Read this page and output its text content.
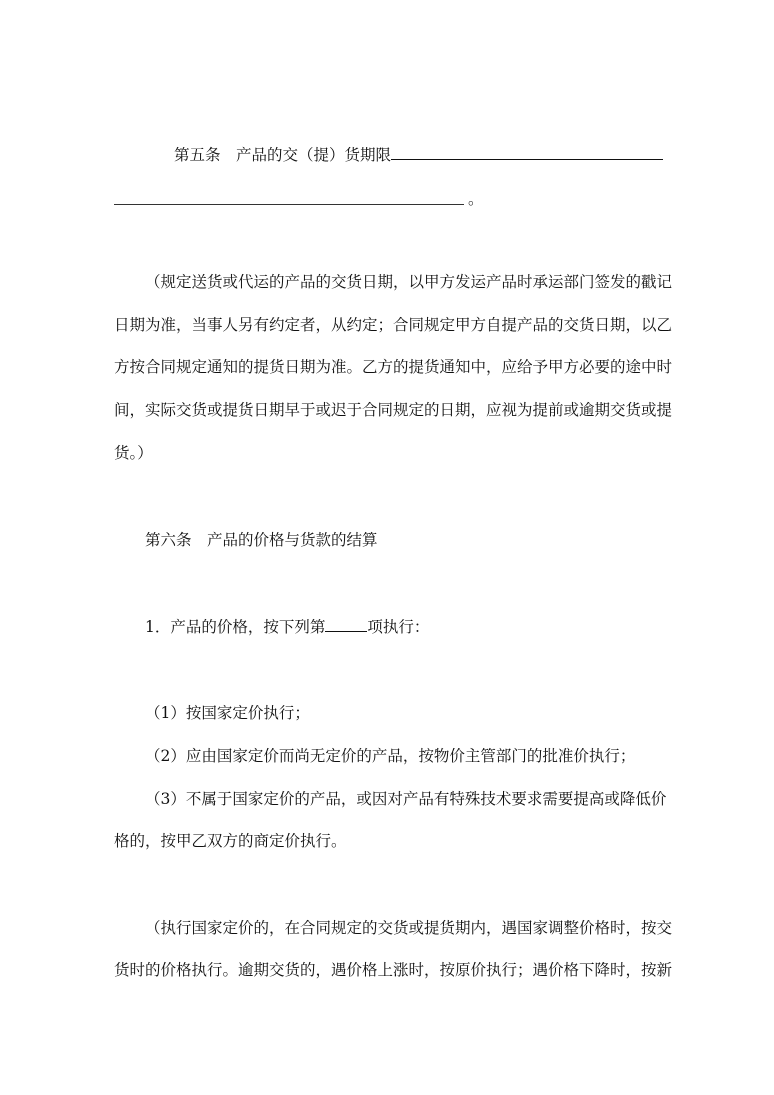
第五条　产品的交（提）货期限
。
（规定送货或代运的产品的交货日期，以甲方发运产品时承运部门签发的戳记
日期为准，当事人另有约定者，从约定；合同规定甲方自提产品的交货日期，以乙
方按合同规定通知的提货日期为准。乙方的提货通知中，应给予甲方必要的途中时
间，实际交货或提货日期早于或迟于合同规定的日期，应视为提前或逾期交货或提
货。）
第六条　产品的价格与货款的结算
1．产品的价格，按下列第	项执行：
（1）按国家定价执行；
（2）应由国家定价而尚无定价的产品，按物价主管部门的批准价执行；
（3）不属于国家定价的产品，或因对产品有特殊技术要求需要提高或降低价
格的，按甲乙双方的商定价执行。
（执行国家定价的，在合同规定的交货或提货期内，遇国家调整价格时，按交
货时的价格执行。逾期交货的，遇价格上涨时，按原价执行；遇价格下降时，按新
